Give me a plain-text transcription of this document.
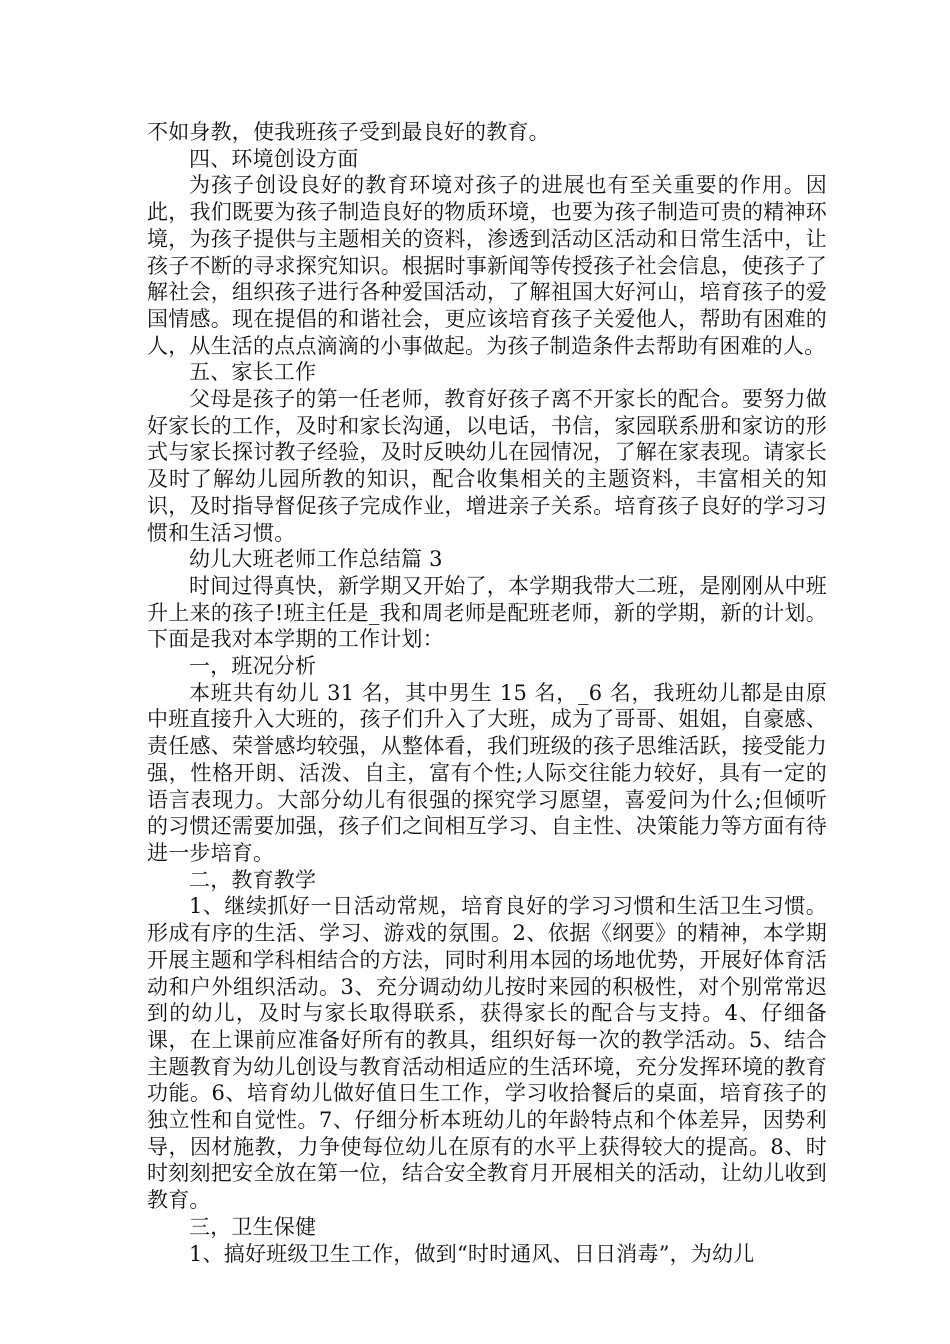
不如身教，使我班孩子受到最良好的教育。

四、环境创设方面

为孩子创设良好的教育环境对孩子的进展也有至关重要的作用。因此，我们既要为孩子制造良好的物质环境，也要为孩子制造可贵的精神环境，为孩子提供与主题相关的资料，渗透到活动区活动和日常生活中，让孩子不断的寻求探究知识。根据时事新闻等传授孩子社会信息，使孩子了解社会，组织孩子进行各种爱国活动，了解祖国大好河山，培育孩子的爱国情感。现在提倡的和谐社会，更应该培育孩子关爱他人，帮助有困难的人，从生活的点点滴滴的小事做起。为孩子制造条件去帮助有困难的人。

五、家长工作

父母是孩子的第一任老师，教育好孩子离不开家长的配合。要努力做好家长的工作，及时和家长沟通，以电话，书信，家园联系册和家访的形式与家长探讨教子经验，及时反映幼儿在园情况，了解在家表现。请家长及时了解幼儿园所教的知识，配合收集相关的主题资料，丰富相关的知识，及时指导督促孩子完成作业，增进亲子关系。培育孩子良好的学习习惯和生活习惯。

幼儿大班老师工作总结篇 3

时间过得真快，新学期又开始了，本学期我带大二班，是刚刚从中班升上来的孩子!班主任是_我和周老师是配班老师，新的学期，新的计划。下面是我对本学期的工作计划：

一，班况分析

本班共有幼儿 31 名，其中男生 15 名，_6 名，我班幼儿都是由原中班直接升入大班的，孩子们升入了大班，成为了哥哥、姐姐，自豪感、责任感、荣誉感均较强，从整体看，我们班级的孩子思维活跃，接受能力强，性格开朗、活泼、自主，富有个性;人际交往能力较好，具有一定的语言表现力。大部分幼儿有很强的探究学习愿望，喜爱问为什么;但倾听的习惯还需要加强，孩子们之间相互学习、自主性、决策能力等方面有待进一步培育。

二，教育教学

1、继续抓好一日活动常规，培育良好的学习习惯和生活卫生习惯。形成有序的生活、学习、游戏的氛围。2、依据《纲要》的精神，本学期开展主题和学科相结合的方法，同时利用本园的场地优势，开展好体育活动和户外组织活动。3、充分调动幼儿按时来园的积极性，对个别常常迟到的幼儿，及时与家长取得联系，获得家长的配合与支持。4、仔细备课，在上课前应准备好所有的教具，组织好每一次的教学活动。5、结合主题教育为幼儿创设与教育活动相适应的生活环境，充分发挥环境的教育功能。6、培育幼儿做好值日生工作，学习收拾餐后的桌面，培育孩子的独立性和自觉性。7、仔细分析本班幼儿的年龄特点和个体差异，因势利导，因材施教，力争使每位幼儿在原有的水平上获得较大的提高。8、时时刻刻把安全放在第一位，结合安全教育月开展相关的活动，让幼儿收到教育。

三，卫生保健

1、搞好班级卫生工作，做到“时时通风、日日消毒”，为幼儿
